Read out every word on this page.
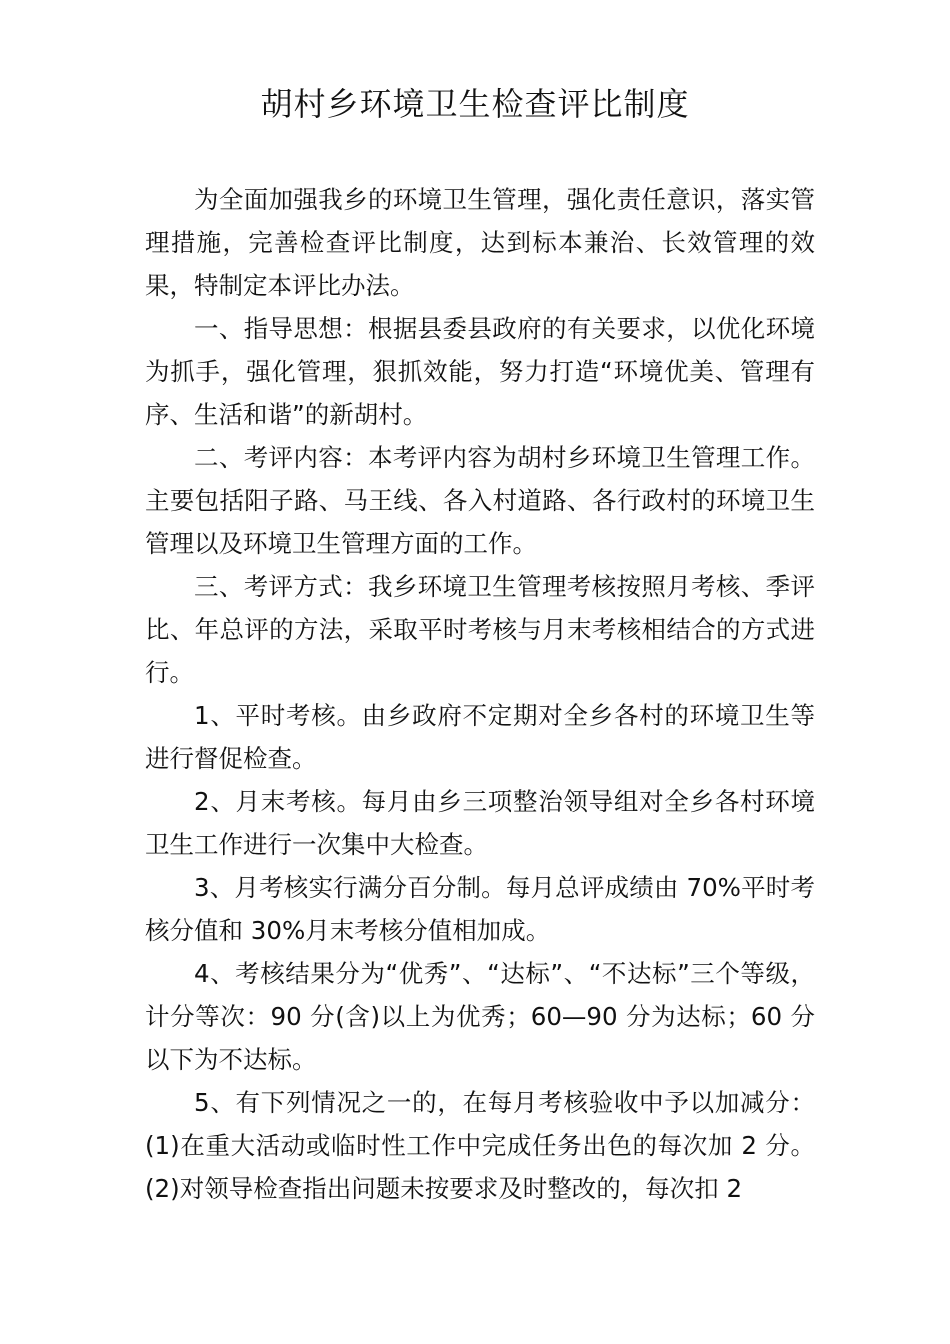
胡村乡环境卫生检查评比制度

为全面加强我乡的环境卫生管理，强化责任意识，落实管理措施，完善检查评比制度，达到标本兼治、长效管理的效果，特制定本评比办法。

一、指导思想：根据县委县政府的有关要求，以优化环境为抓手，强化管理，狠抓效能，努力打造“环境优美、管理有序、生活和谐”的新胡村。

二、考评内容：本考评内容为胡村乡环境卫生管理工作。主要包括阳子路、马王线、各入村道路、各行政村的环境卫生管理以及环境卫生管理方面的工作。

三、考评方式：我乡环境卫生管理考核按照月考核、季评比、年总评的方法，采取平时考核与月末考核相结合的方式进行。

1、平时考核。由乡政府不定期对全乡各村的环境卫生等进行督促检查。

2、月末考核。每月由乡三项整治领导组对全乡各村环境卫生工作进行一次集中大检查。

3、月考核实行满分百分制。每月总评成绩由 70%平时考核分值和 30%月末考核分值相加成。

4、考核结果分为“优秀”、“达标”、“不达标”三个等级，计分等次：90 分(含)以上为优秀；60—90 分为达标；60 分以下为不达标。

5、有下列情况之一的，在每月考核验收中予以加减分：(1)在重大活动或临时性工作中完成任务出色的每次加 2 分。(2)对领导检查指出问题未按要求及时整改的，每次扣 2
